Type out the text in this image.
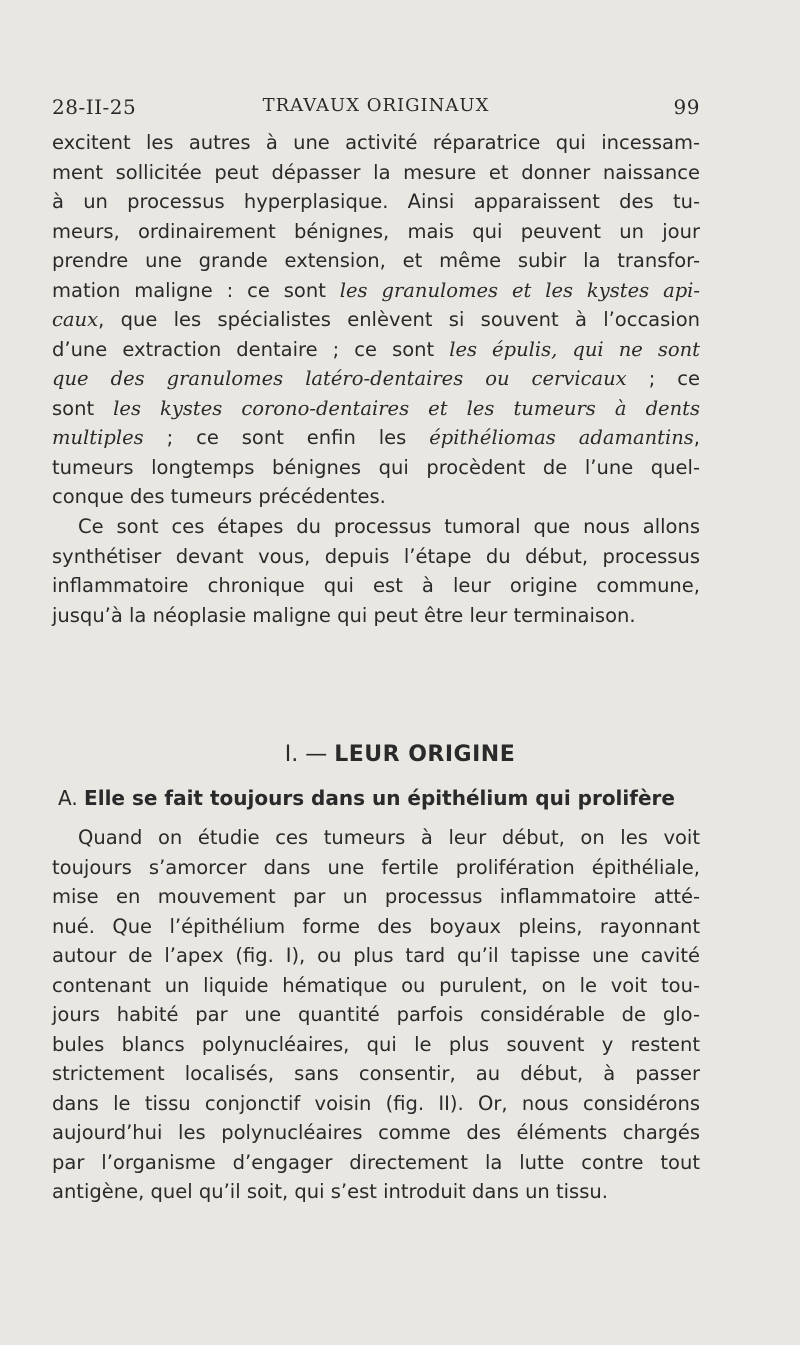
28-II-25	TRAVAUX ORIGINAUX	99
excitent les autres à une activité réparatrice qui incessam-
ment sollicitée peut dépasser la mesure et donner naissance
à un processus hyperplasique. Ainsi apparaissent des tu-
meurs, ordinairement bénignes, mais qui peuvent un jour
prendre une grande extension, et même subir la transfor-
mation maligne : ce sont les granulomes et les kystes api-
caux, que les spécialistes enlèvent si souvent à l’occasion
d’une extraction dentaire ; ce sont les épulis, qui ne sont
que des granulomes latéro-dentaires ou cervicaux ; ce
sont les kystes corono-dentaires et les tumeurs à dents
multiples ; ce sont enfin les épithéliomas adamantins,
tumeurs longtemps bénignes qui procèdent de l’une quel-
conque des tumeurs précédentes.
Ce sont ces étapes du processus tumoral que nous allons
synthétiser devant vous, depuis l’étape du début, processus
inflammatoire chronique qui est à leur origine commune,
jusqu’à la néoplasie maligne qui peut être leur terminaison.
I. — LEUR ORIGINE
A. Elle se fait toujours dans un épithélium qui prolifère
Quand on étudie ces tumeurs à leur début, on les voit
toujours s’amorcer dans une fertile prolifération épithéliale,
mise en mouvement par un processus inflammatoire atté-
nué. Que l’épithélium forme des boyaux pleins, rayonnant
autour de l’apex (fig. I), ou plus tard qu’il tapisse une cavité
contenant un liquide hématique ou purulent, on le voit tou-
jours habité par une quantité parfois considérable de glo-
bules blancs polynucléaires, qui le plus souvent y restent
strictement localisés, sans consentir, au début, à passer
dans le tissu conjonctif voisin (fig. II). Or, nous considérons
aujourd’hui les polynucléaires comme des éléments chargés
par l’organisme d’engager directement la lutte contre tout
antigène, quel qu’il soit, qui s’est introduit dans un tissu.
